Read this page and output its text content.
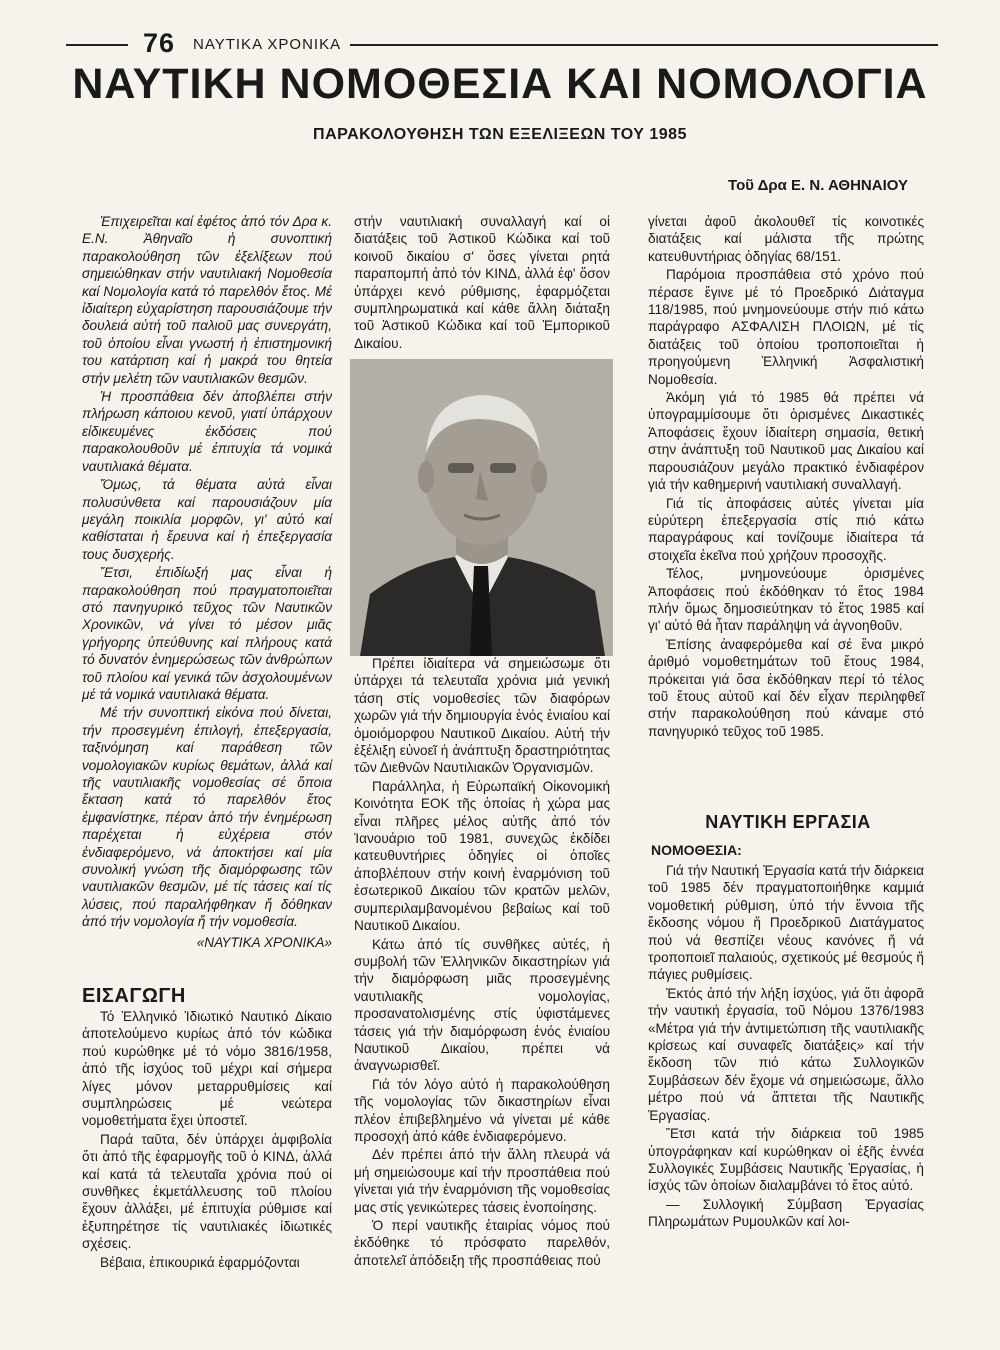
76 ΝΑΥΤΙΚΑ ΧΡΟΝΙΚΑ
ΝΑΥΤΙΚΗ ΝΟΜΟΘΕΣΙΑ ΚΑΙ ΝΟΜΟΛΟΓΙΑ
ΠΑΡΑΚΟΛΟΥΘΗΣΗ ΤΩΝ ΕΞΕΛΙΞΕΩΝ ΤΟΥ 1985
Τοῦ Δρα Ε. Ν. ΑΘΗΝΑΙΟΥ

Ἐπιχειρεῖται καί ἐφέτος ἀπό τόν Δρα κ. Ε.Ν. Ἀθηναῖο ἡ συνοπτική παρακολούθηση τῶν ἐξελίξεων πού σημειώθηκαν στήν ναυτιλιακή Νομοθεσία καί Νομολογία κατά τό παρελθόν ἔτος. Μέ ἰδιαίτερη εὐχαρίστηση παρουσιάζουμε τήν δουλειά αὐτή τοῦ παλιοῦ μας συνεργάτη, τοῦ ὁποίου εἶναι γνωστή ἡ ἐπιστημονική του κατάρτιση καί ἡ μακρά του θητεία στήν μελέτη τῶν ναυτιλιακῶν θεσμῶν.

Ἡ προσπάθεια δέν ἀποβλέπει στήν πλήρωση κάποιου κενοῦ, γιατί ὑπάρχουν εἰδικευμένες ἐκδόσεις πού παρακολουθοῦν μέ ἐπιτυχία τά νομικά ναυτιλιακά θέματα.

Ὅμως, τά θέματα αὐτά εἶναι πολυσύνθετα καί παρουσιάζουν μία μεγάλη ποικιλία μορφῶν, γι' αὐτό καί καθίσταται ἡ ἔρευνα καί ἡ ἐπεξεργασία τους δυσχερής.

Ἔτσι, ἐπιδίωξή μας εἶναι ἡ παρακολούθηση πού πραγματοποιεῖται στό πανηγυρικό τεῦχος τῶν Ναυτικῶν Χρονικῶν, νά γίνει τό μέσον μιᾶς γρήγορης ὑπεύθυνης καί πλήρους κατά τό δυνατόν ἐνημερώσεως τῶν ἀνθρώπων τοῦ πλοίου καί γενικά τῶν ἀσχολουμένων μέ τά νομικά ναυτιλιακά θέματα.

Μέ τήν συνοπτική εἰκόνα πού δίνεται, τήν προσεγμένη ἐπιλογή, ἐπεξεργασία, ταξινόμηση καί παράθεση τῶν νομολογιακῶν κυρίως θεμάτων, ἀλλά καί τῆς ναυτιλιακῆς νομοθεσίας σέ ὅποια ἔκταση κατά τό παρελθόν ἔτος ἐμφανίστηκε, πέραν ἀπό τήν ἐνημέρωση παρέχεται ἡ εὐχέρεια στόν ἐνδιαφερόμενο, νά ἀποκτήσει καί μία συνολική γνώση τῆς διαμόρφωσης τῶν ναυτιλιακῶν θεσμῶν, μέ τίς τάσεις καί τίς λύσεις, πού παραλήφθηκαν ἤ δόθηκαν ἀπό τήν νομολογία ἤ τήν νομοθεσία.

«ΝΑΥΤΙΚΑ ΧΡΟΝΙΚΑ»
ΕΙΣΑΓΩΓΗ

Τό Ἑλληνικό Ἰδιωτικό Ναυτικό Δίκαιο ἀποτελούμενο κυρίως ἀπό τόν κώδικα πού κυρώθηκε μέ τό νόμο 3816/1958, ἀπό τῆς ἰσχύος τοῦ μέχρι καί σήμερα λίγες μόνον μεταρρυθμίσεις καί συμπληρώσεις μέ νεώτερα νομοθετήματα ἔχει ὑποστεῖ.

Παρά ταῦτα, δέν ὑπάρχει ἀμφιβολία ὅτι ἀπό τῆς ἐφαρμογῆς τοῦ ὁ ΚΙΝΔ, ἀλλά καί κατά τά τελευταῖα χρόνια πού οἱ συνθῆκες ἐκμετάλλευσης τοῦ πλοίου ἔχουν ἀλλάξει, μέ ἐπιτυχία ρύθμισε καί ἐξυπηρέτησε τίς ναυτιλιακές ἰδιωτικές σχέσεις.

Βέβαια, ἐπικουρικά ἐφαρμόζονται

στήν ναυτιλιακή συναλλαγή καί οἱ διατάξεις τοῦ Ἀστικοῦ Κώδικα καί τοῦ κοινοῦ δικαίου σ' ὅσες γίνεται ρητά παραπομπή ἀπό τόν ΚΙΝΔ, ἀλλά ἐφ' ὅσον ὑπάρχει κενό ρύθμισης, ἐφαρμόζεται συμπληρωματικά καί κάθε ἄλλη διάταξη τοῦ Ἀστικοῦ Κώδικα καί τοῦ Ἐμπορικοῦ Δικαίου.

Πρέπει ἰδιαίτερα νά σημειώσωμε ὅτι ὑπάρχει τά τελευταῖα χρόνια μιά γενική τάση στίς νομοθεσίες τῶν διαφόρων χωρῶν γιά τήν δημιουργία ἑνός ἑνιαίου καί ὁμοιόμορφου Ναυτικοῦ Δικαίου. Αὐτή τήν ἐξέλιξη εὐνοεῖ ἡ ἀνάπτυξη δραστηριότητας τῶν Διεθνῶν Ναυτιλιακῶν Ὀργανισμῶν.

Παράλληλα, ἡ Εὐρωπαϊκή Οἰκονομική Κοινότητα ΕΟΚ τῆς ὁποίας ἡ χώρα μας εἶναι πλῆρες μέλος αὐτῆς ἀπό τόν Ἰανουάριο τοῦ 1981, συνεχῶς ἐκδίδει κατευθυντήριες ὁδηγίες οἱ ὁποῖες ἀποβλέπουν στήν κοινή ἐναρμόνιση τοῦ ἐσωτερικοῦ Δικαίου τῶν κρατῶν μελῶν, συμπεριλαμβανομένου βεβαίως καί τοῦ Ναυτικοῦ Δικαίου.

Κάτω ἀπό τίς συνθῆκες αὐτές, ἡ συμβολή τῶν Ἑλληνικῶν δικαστηρίων γιά τήν διαμόρφωση μιᾶς προσεγμένης ναυτιλιακῆς νομολογίας, προσανατολισμένης στίς ὑφιστάμενες τάσεις γιά τήν διαμόρφωση ἑνός ἑνιαίου Ναυτικοῦ Δικαίου, πρέπει νά ἀναγνωρισθεῖ.

Γιά τόν λόγο αὐτό ἡ παρακολούθηση τῆς νομολογίας τῶν δικαστηρίων εἶναι πλέον ἐπιβεβλημένο νά γίνεται μέ κάθε προσοχή ἀπό κάθε ἐνδιαφερόμενο.

Δέν πρέπει ἀπό τήν ἄλλη πλευρά νά μή σημειώσουμε καί τήν προσπάθεια πού γίνεται γιά τήν ἐναρμόνιση τῆς νομοθεσίας μας στίς γενικώτερες τάσεις ἑνοποίησης.

Ὁ περί ναυτικῆς ἑταιρίας νόμος πού ἐκδόθηκε τό πρόσφατο παρελθόν, ἀποτελεῖ ἀπόδειξη τῆς προσπάθειας πού

γίνεται ἀφοῦ ἀκολουθεῖ τίς κοινοτικές διατάξεις καί μάλιστα τῆς πρώτης κατευθυντήριας ὁδηγίας 68/151.

Παρόμοια προσπάθεια στό χρόνο πού πέρασε ἔγινε μέ τό Προεδρικό Διάταγμα 118/1985, πού μνημονεύουμε στήν πιό κάτω παράγραφο ΑΣΦΑΛΙΣΗ ΠΛΟΙΩΝ, μέ τίς διατάξεις τοῦ ὁποίου τροποποιεῖται ἡ προηγούμενη Ἑλληνική Ἀσφαλιστική Νομοθεσία.

Ἀκόμη γιά τό 1985 θά πρέπει νά ὑπογραμμίσουμε ὅτι ὁρισμένες Δικαστικές Ἀποφάσεις ἔχουν ἰδιαίτερη σημασία, θετική στην ἀνάπτυξη τοῦ Ναυτικοῦ μας Δικαίου καί παρουσιάζουν μεγάλο πρακτικό ἐνδιαφέρον γιά τήν καθημερινή ναυτιλιακή συναλλαγή.

Γιά τίς ἀποφάσεις αὐτές γίνεται μία εὐρύτερη ἐπεξεργασία στίς πιό κάτω παραγράφους καί τονίζουμε ἰδιαίτερα τά στοιχεῖα ἐκεῖνα πού χρήζουν προσοχῆς.

Τέλος, μνημονεύουμε ὁρισμένες Ἀποφάσεις πού ἐκδόθηκαν τό ἔτος 1984 πλήν ὅμως δημοσιεύτηκαν τό ἔτος 1985 καί γι' αὐτό θά ἦταν παράληψη νά ἀγνοηθοῦν.

Ἐπίσης ἀναφερόμεθα καί σέ ἕνα μικρό ἀριθμό νομοθετημάτων τοῦ ἔτους 1984, πρόκειται γιά ὅσα ἐκδόθηκαν περί τό τέλος τοῦ ἔτους αὐτοῦ καί δέν εἶχαν περιληφθεῖ στήν παρακολούθηση πού κάναμε στό πανηγυρικό τεῦχος τοῦ 1985.

ΝΑΥΤΙΚΗ ΕΡΓΑΣΙΑ
ΝΟΜΟΘΕΣΙΑ:

Γιά τήν Ναυτική Ἐργασία κατά τήν διάρκεια τοῦ 1985 δέν πραγματοποιήθηκε καμμιά νομοθετική ρύθμιση, ὑπό τήν ἔννοια τῆς ἔκδοσης νόμου ἤ Προεδρικοῦ Διατάγματος πού νά θεσπίζει νέους κανόνες ἤ νά τροποποιεῖ παλαιούς, σχετικούς μέ θεσμούς ἤ πάγιες ρυθμίσεις.

Ἐκτός ἀπό τήν λήξη ἰσχύος, γιά ὅτι ἀφορᾶ τήν ναυτική ἐργασία, τοῦ Νόμου 1376/1983 «Μέτρα γιά τήν ἀντιμετώπιση τῆς ναυτιλιακῆς κρίσεως καί συναφεῖς διατάξεις» καί τήν ἔκδοση τῶν πιό κάτω Συλλογικῶν Συμβάσεων δέν ἔχομε νά σημειώσωμε, ἄλλο μέτρο πού νά ἅπτεται τῆς Ναυτικῆς Ἐργασίας.

Ἔτσι κατά τήν διάρκεια τοῦ 1985 ὑπογράφηκαν καί κυρώθηκαν οἱ ἑξῆς ἐννέα Συλλογικές Συμβάσεις Ναυτικῆς Ἐργασίας, ἡ ἰσχύς τῶν ὁποίων διαλαμβάνει τό ἔτος αὐτό.

— Συλλογική Σύμβαση Ἐργασίας Πληρωμάτων Ρυμουλκῶν καί λοι-
